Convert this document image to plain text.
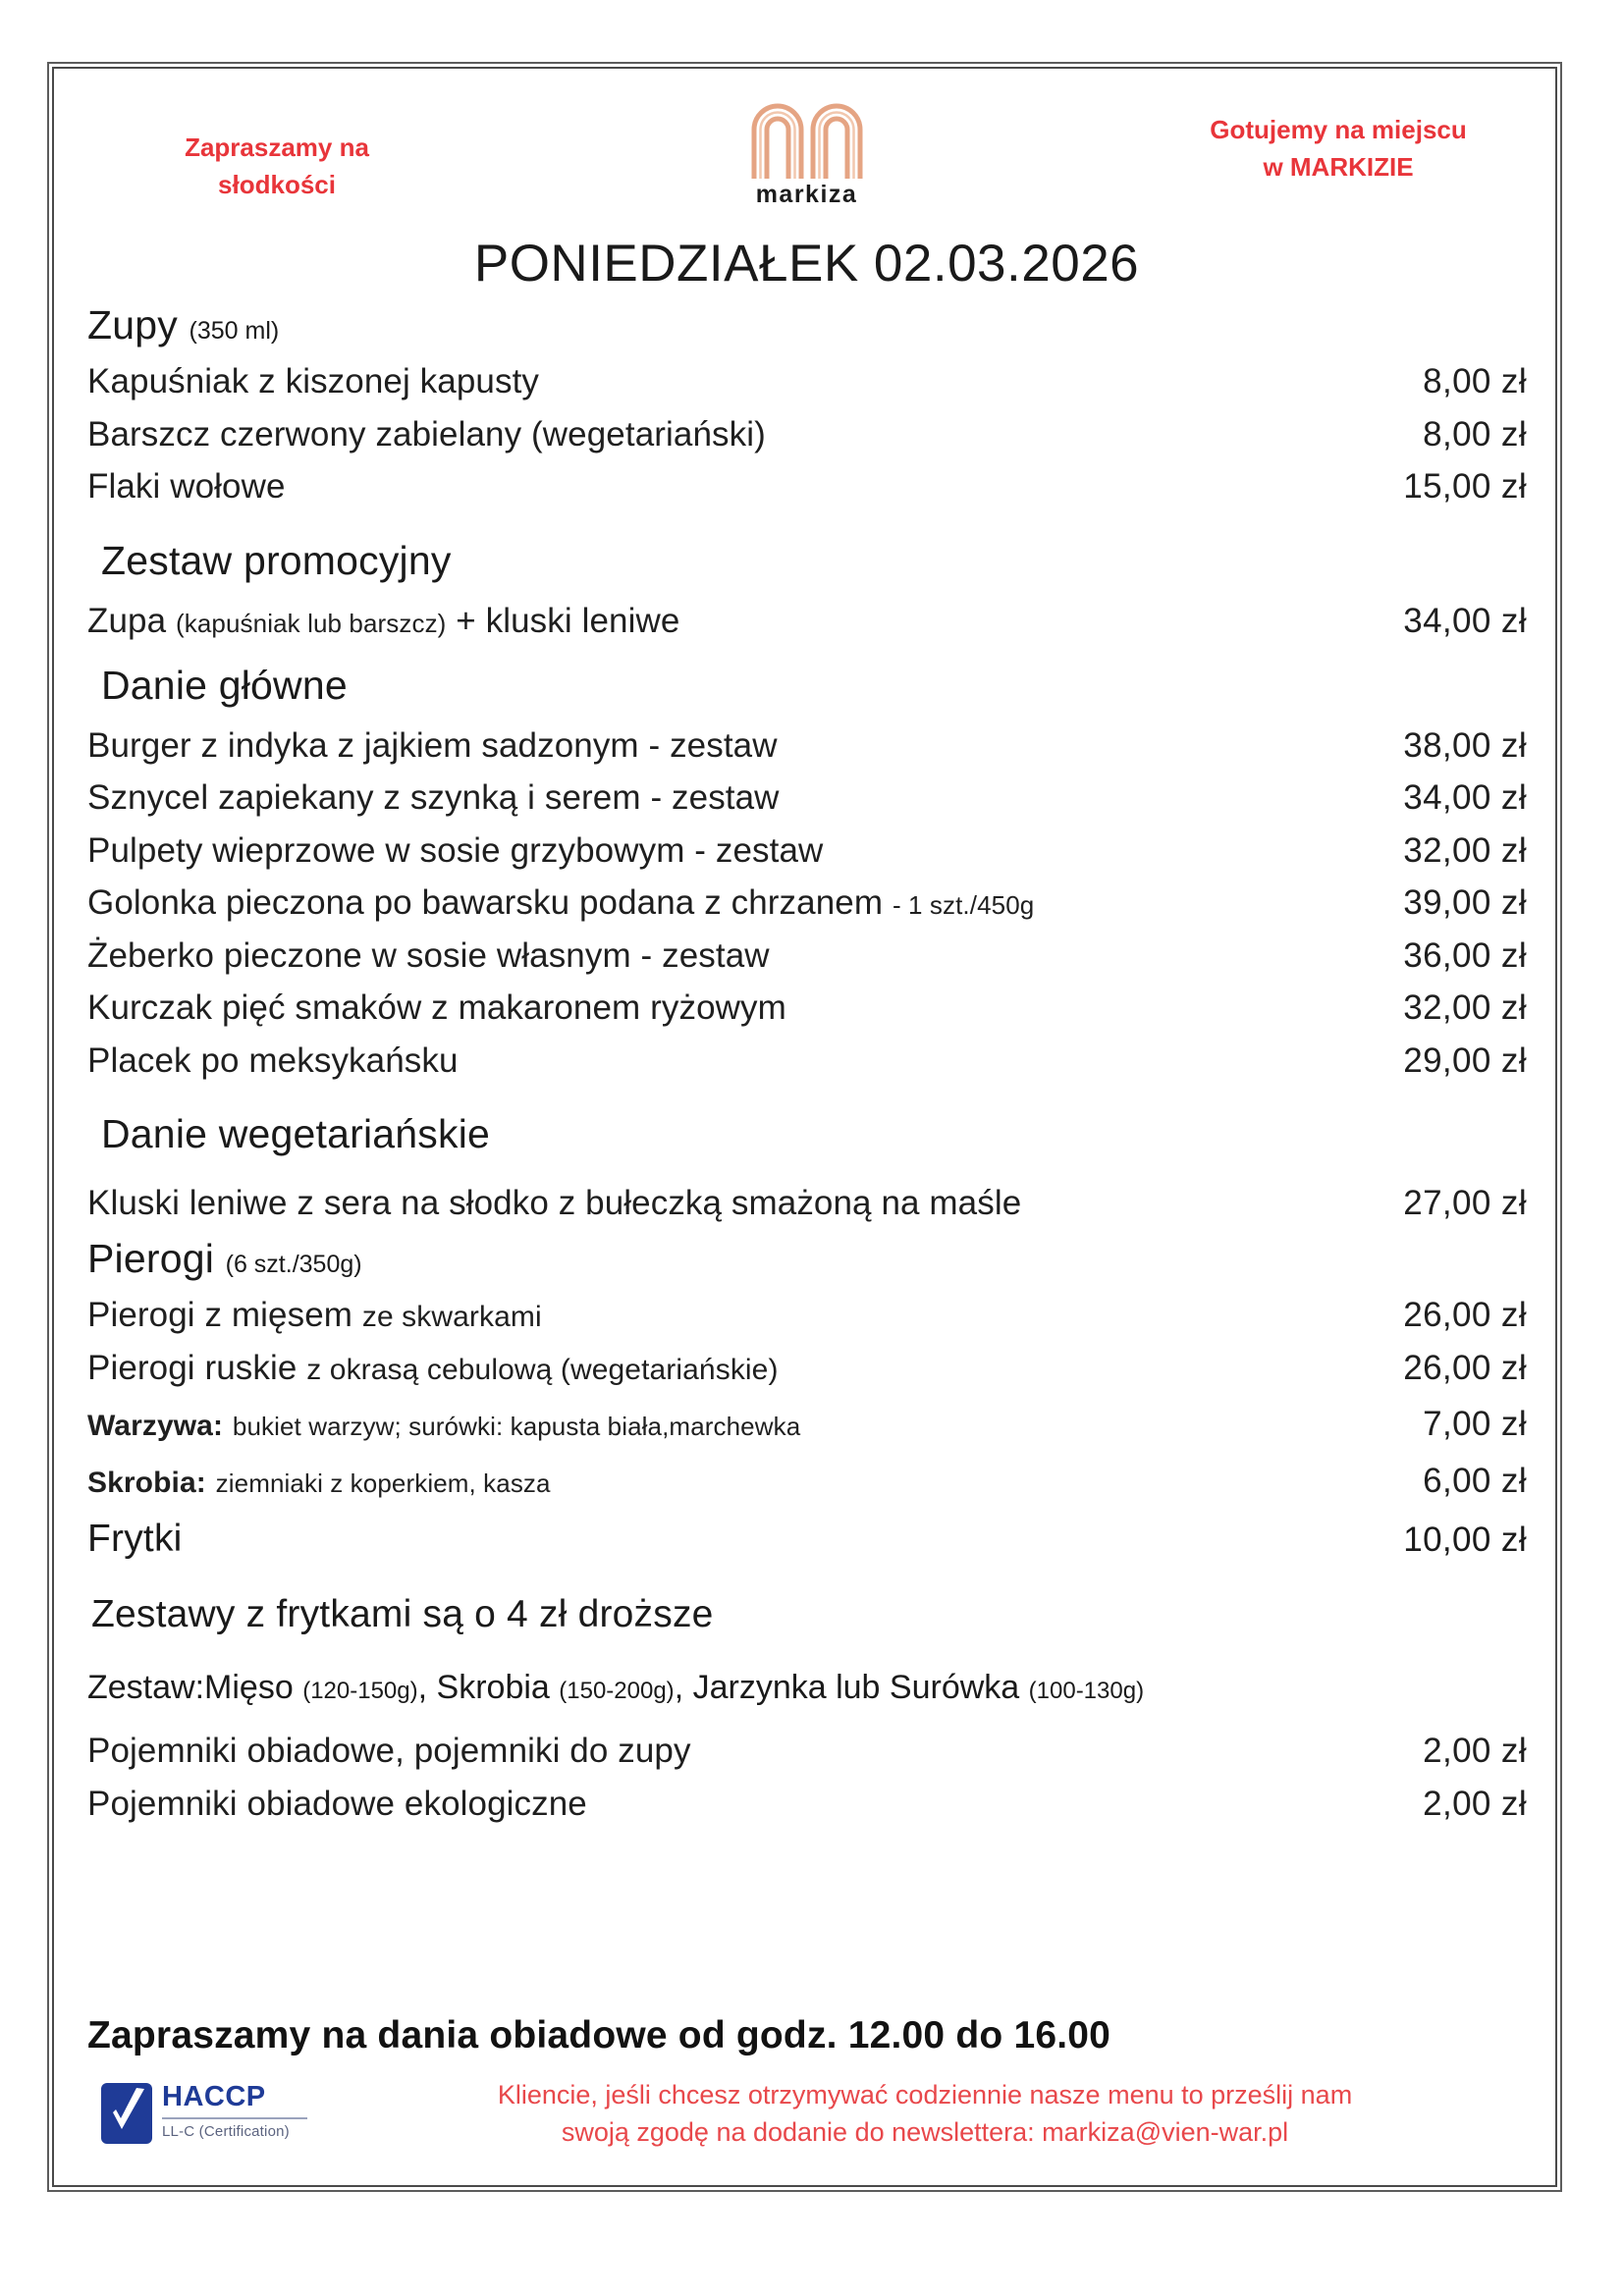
Zapraszamy na
słodkości	markiza
Gotujemy na miejscu
w MARKIZIE
PONIEDZIAŁEK 02.03.2026
Zupy (350 ml)
Kapuśniak z kiszonej kapusty	8,00 zł
Barszcz czerwony zabielany (wegetariański)	8,00 zł
Flaki wołowe	15,00 zł
Zestaw promocyjny
Zupa (kapuśniak lub barszcz) + kluski leniwe	34,00 zł
Danie główne
Burger z indyka z jajkiem sadzonym - zestaw	38,00 zł
Sznycel zapiekany z szynką i serem - zestaw	34,00 zł
Pulpety wieprzowe w sosie grzybowym - zestaw	32,00 zł
Golonka pieczona po bawarsku podana z chrzanem - 1 szt./450g	39,00 zł
Żeberko pieczone w sosie własnym - zestaw	36,00 zł
Kurczak pięć smaków z makaronem ryżowym	32,00 zł
Placek po meksykańsku	29,00 zł
Danie wegetariańskie
Kluski leniwe z sera na słodko z bułeczką smażoną na maśle	27,00 zł
Pierogi (6 szt./350g)
Pierogi z mięsem ze skwarkami	26,00 zł
Pierogi ruskie z okrasą cebulową (wegetariańskie)	26,00 zł
Warzywa: bukiet warzyw; surówki: kapusta biała,marchewka	7,00 zł
Skrobia: ziemniaki z koperkiem, kasza	6,00 zł
Frytki	10,00 zł
Zestawy z frytkami są o 4 zł droższe
Zestaw:Mięso (120-150g), Skrobia (150-200g), Jarzynka lub Surówka (100-130g)
Pojemniki obiadowe, pojemniki do zupy	2,00 zł
Pojemniki obiadowe ekologiczne	2,00 zł
Zapraszamy na dania obiadowe od godz. 12.00 do 16.00
HACCP
LL-C (Certification)
Kliencie, jeśli chcesz otrzymywać codziennie nasze menu to prześlij nam
swoją zgodę na dodanie do newslettera: markiza@vien-war.pl
